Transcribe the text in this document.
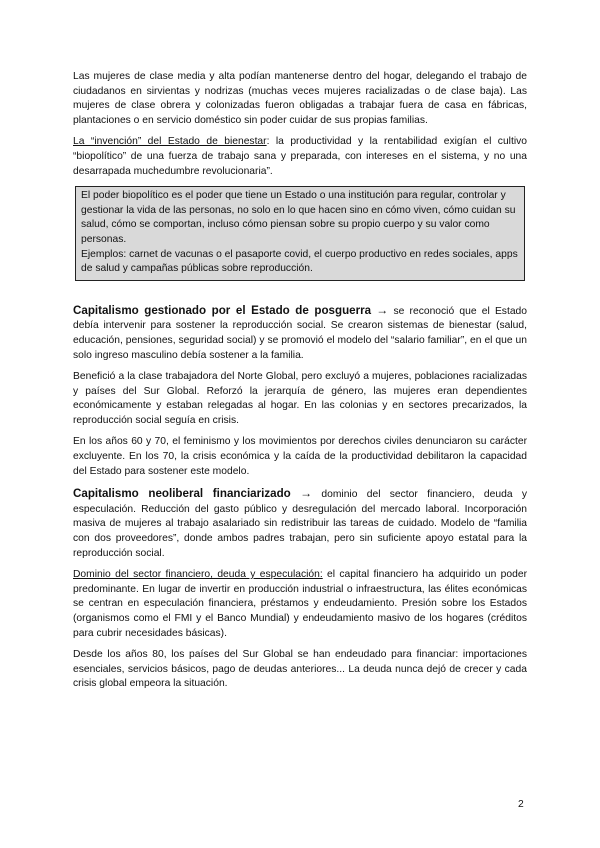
Las mujeres de clase media y alta podían mantenerse dentro del hogar, delegando el trabajo de ciudadanos en sirvientas y nodrizas (muchas veces mujeres racializadas o de clase baja). Las mujeres de clase obrera y colonizadas fueron obligadas a trabajar fuera de casa en fábricas, plantaciones o en servicio doméstico sin poder cuidar de sus propias familias.

La “invención” del Estado de bienestar: la productividad y la rentabilidad exigían el cultivo “biopolítico” de una fuerza de trabajo sana y preparada, con intereses en el sistema, y no una desarrapada muchedumbre revolucionaria”.

El poder biopolítico es el poder que tiene un Estado o una institución para regular, controlar y gestionar la vida de las personas, no solo en lo que hacen sino en cómo viven, cómo cuidan su salud, cómo se comportan, incluso cómo piensan sobre su propio cuerpo y su valor como personas.
Ejemplos: carnet de vacunas o el pasaporte covid, el cuerpo productivo en redes sociales, apps de salud y campañas públicas sobre reproducción.

Capitalismo gestionado por el Estado de posguerra → se reconoció que el Estado debía intervenir para sostener la reproducción social. Se crearon sistemas de bienestar (salud, educación, pensiones, seguridad social) y se promovió el modelo del “salario familiar”, en el que un solo ingreso masculino debía sostener a la familia.

Benefició a la clase trabajadora del Norte Global, pero excluyó a mujeres, poblaciones racializadas y países del Sur Global. Reforzó la jerarquía de género, las mujeres eran dependientes económicamente y estaban relegadas al hogar. En las colonias y en sectores precarizados, la reproducción social seguía en crisis.

En los años 60 y 70, el feminismo y los movimientos por derechos civiles denunciaron su carácter excluyente. En los 70, la crisis económica y la caída de la productividad debilitaron la capacidad del Estado para sostener este modelo.

Capitalismo neoliberal financiarizado → dominio del sector financiero, deuda y especulación. Reducción del gasto público y desregulación del mercado laboral. Incorporación masiva de mujeres al trabajo asalariado sin redistribuir las tareas de cuidado. Modelo de “familia con dos proveedores”, donde ambos padres trabajan, pero sin suficiente apoyo estatal para la reproducción social.

Dominio del sector financiero, deuda y especulación: el capital financiero ha adquirido un poder predominante. En lugar de invertir en producción industrial o infraestructura, las élites económicas se centran en especulación financiera, préstamos y endeudamiento. Presión sobre los Estados (organismos como el FMI y el Banco Mundial) y endeudamiento masivo de los hogares (créditos para cubrir necesidades básicas).

Desde los años 80, los países del Sur Global se han endeudado para financiar: importaciones esenciales, servicios básicos, pago de deudas anteriores... La deuda nunca dejó de crecer y cada crisis global empeora la situación.

2
